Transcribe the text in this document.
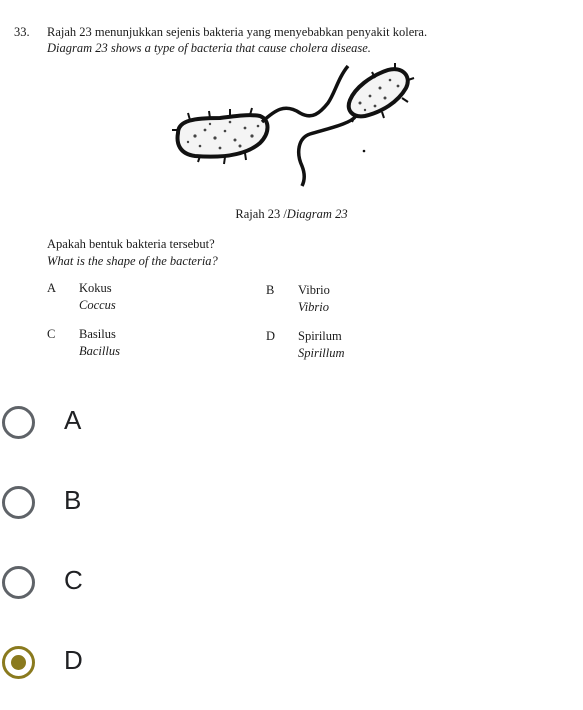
33. Rajah 23 menunjukkan sejenis bakteria yang menyebabkan penyakit kolera.
Diagram 23 shows a type of bacteria that cause cholera disease.
Rajah 23 /Diagram 23
Apakah bentuk bakteria tersebut?
What is the shape of the bacteria?
A Kokus
Coccus
B Vibrio
Vibrio
C Basilus
Bacillus
D Spirilum
Spirillum
A
B
C
D
